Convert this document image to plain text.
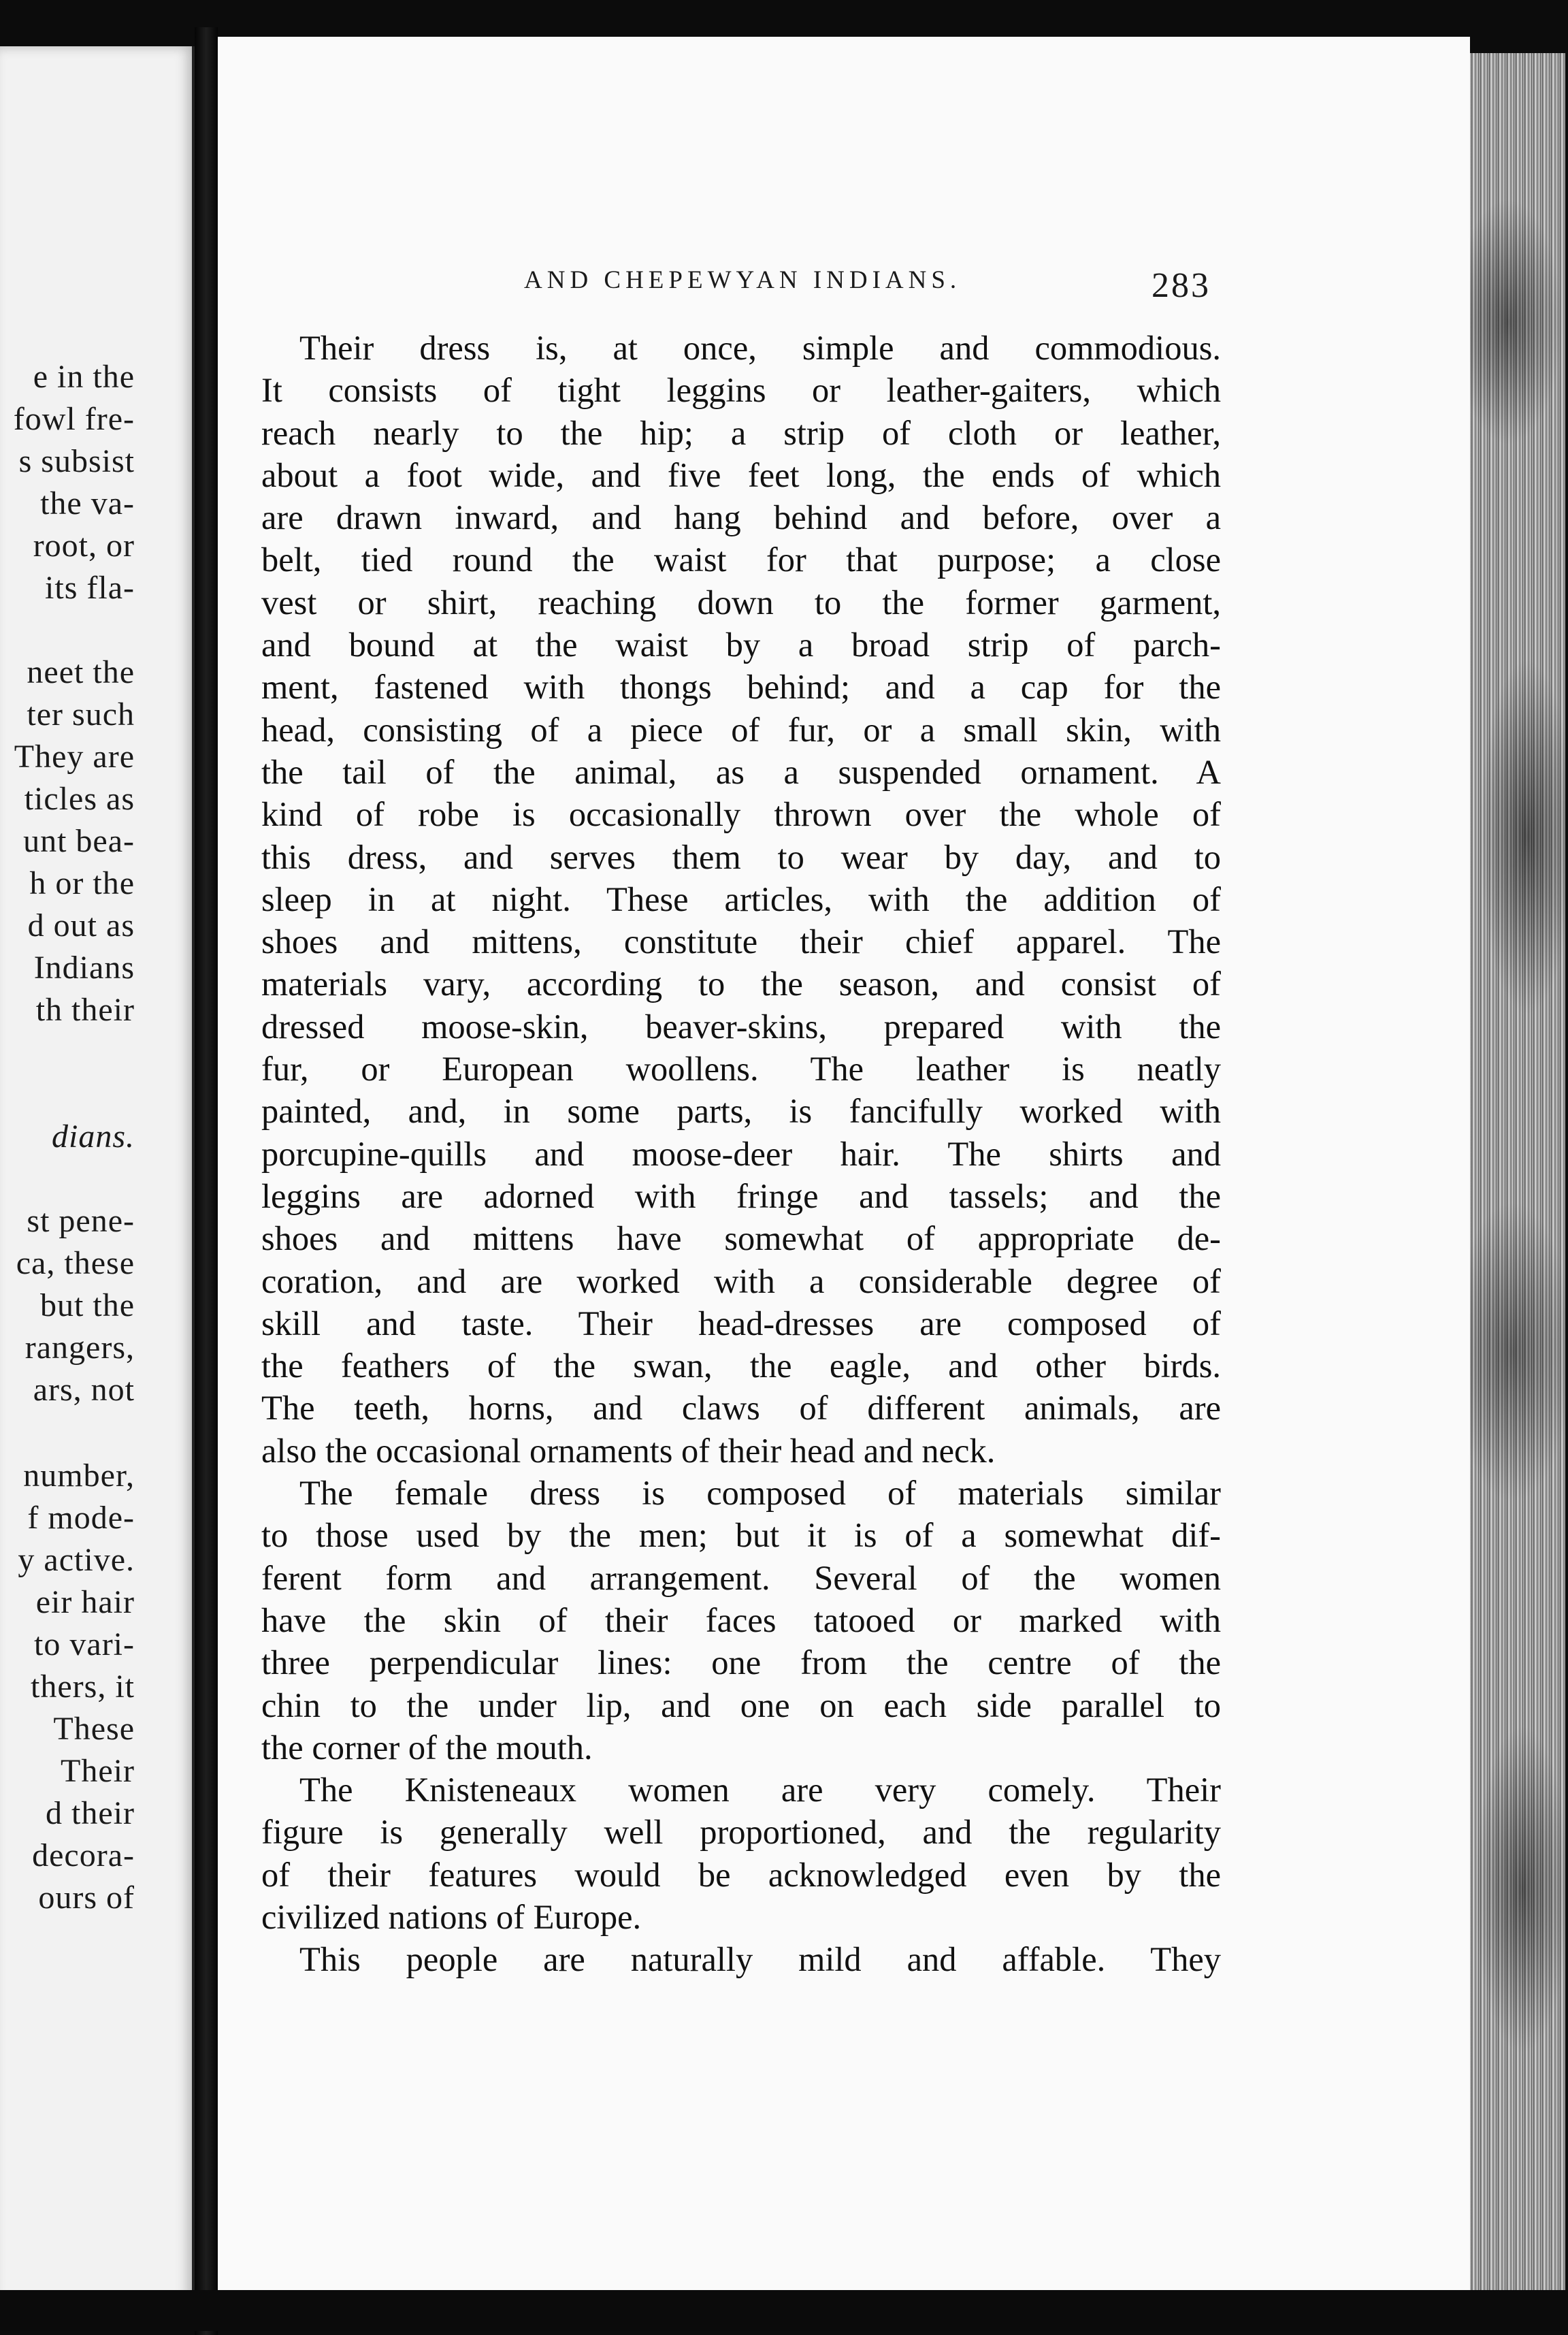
e in the
fowl fre-
s subsist
the va-
root, or
its fla-
neet the
ter such
They are
ticles as
unt bea-
h or the
d out as
Indians
th their
dians.
st pene-
ca, these
but the
rangers,
ars, not
number,
f mode-
y active.
eir hair
to vari-
thers, it
These
Their
d their
decora-
ours of
AND CHEPEWYAN INDIANS.	283
Their dress is, at once, simple and commodious.
It consists of tight leggins or leather-gaiters, which
reach nearly to the hip; a strip of cloth or leather,
about a foot wide, and five feet long, the ends of which
are drawn inward, and hang behind and before, over a
belt, tied round the waist for that purpose; a close
vest or shirt, reaching down to the former garment,
and bound at the waist by a broad strip of parch-
ment, fastened with thongs behind; and a cap for the
head, consisting of a piece of fur, or a small skin, with
the tail of the animal, as a suspended ornament. A
kind of robe is occasionally thrown over the whole of
this dress, and serves them to wear by day, and to
sleep in at night. These articles, with the addition of
shoes and mittens, constitute their chief apparel. The
materials vary, according to the season, and consist of
dressed moose-skin, beaver-skins, prepared with the
fur, or European woollens. The leather is neatly
painted, and, in some parts, is fancifully worked with
porcupine-quills and moose-deer hair. The shirts and
leggins are adorned with fringe and tassels; and the
shoes and mittens have somewhat of appropriate de-
coration, and are worked with a considerable degree of
skill and taste. Their head-dresses are composed of
the feathers of the swan, the eagle, and other birds.
The teeth, horns, and claws of different animals, are
also the occasional ornaments of their head and neck.
The female dress is composed of materials similar
to those used by the men; but it is of a somewhat dif-
ferent form and arrangement. Several of the women
have the skin of their faces tatooed or marked with
three perpendicular lines: one from the centre of the
chin to the under lip, and one on each side parallel to
the corner of the mouth.
The Knisteneaux women are very comely. Their
figure is generally well proportioned, and the regularity
of their features would be acknowledged even by the
civilized nations of Europe.
This people are naturally mild and affable. They
